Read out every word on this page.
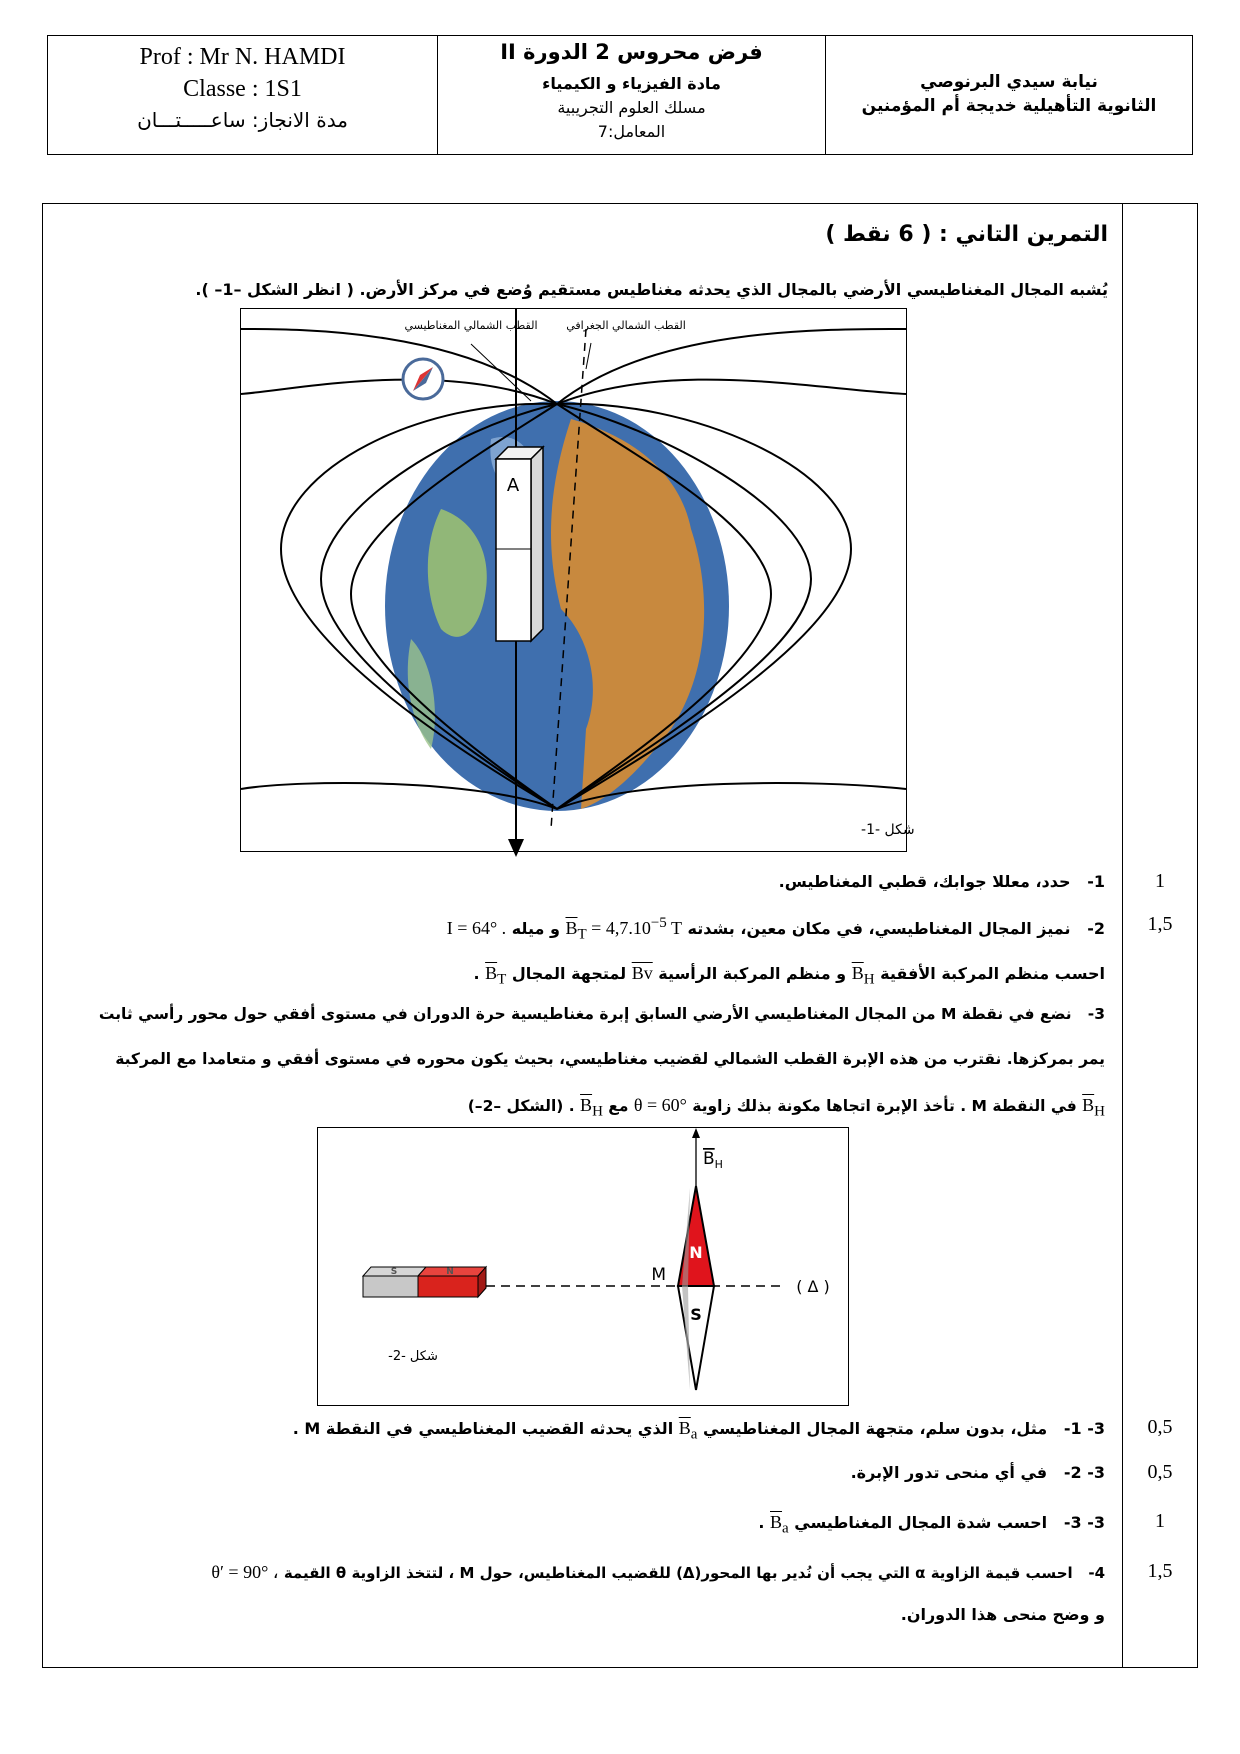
Prof : Mr N. HAMDI
Classe : 1S1
مدة الانجاز: ساعـــــتـــان
فرض محروس 2 الدورة II
مادة الفيزياء و الكيمياء
مسلك العلوم التجريبية
المعامل:7
نيابة سيدي البرنوصي
الثانوية التأهيلية خديجة أم المؤمنين
التمرين التاني : ( 6 نقط )
يُشبه المجال المغناطيسي الأرضي بالمجال الذي يحدثه مغناطيس مستقيم وُضع في مركز الأرض. ( انظر الشكل –1– ).
A
القطب الشمالي المغناطيسي	القطب الشمالي الجغرافي
شكل -1-
1
1-   حدد، معللا جوابك، قطبي المغناطيس.
1,5
2-   نميز المجال المغناطيسي، في مكان معين، بشدته $\overline{B}_T = 4,7.10^{-5}$ T و ميله I = 64° .
احسب منظم المركبة الأفقية $\overline{B}_H$ و منظم المركبة الرأسية $\overline{Bv}$ لمتجهة المجال $\overline{B}_T$ .
3-   نضع في نقطة M من المجال المغناطيسي الأرضي السابق إبرة مغناطيسية حرة الدوران في مستوى أفقي حول محور رأسي ثابت
يمر بمركزها. نقترب من هذه الإبرة القطب الشمالي لقضيب مغناطيسي، بحيث يكون محوره في مستوى أفقي و متعامدا مع المركبة
$\overline{B}_H$ في النقطة M . تأخذ الإبرة اتجاها مكونة بذلك زاوية θ = 60° مع $\overline{B}_H$ . (الشكل –2–)
S	N
( Δ )
$B_H$
N
S
M
شكل -2-
0,5
3- 1-   مثل، بدون سلم، متجهة المجال المغناطيسي $\overline{B}_a$ الذي يحدثه القضيب المغناطيسي في النقطة M .
0,5
3- 2-   في أي منحى تدور الإبرة.
1
3- 3-   احسب شدة المجال المغناطيسي $\overline{B}_a$ .
1,5
4-   احسب قيمة الزاوية α التي يجب أن نُدير بها المحور(Δ) للقضيب المغناطيس، حول M ، لتتخذ الزاوية θ القيمة θ′ = 90° ،
و وضح منحى هذا الدوران.
